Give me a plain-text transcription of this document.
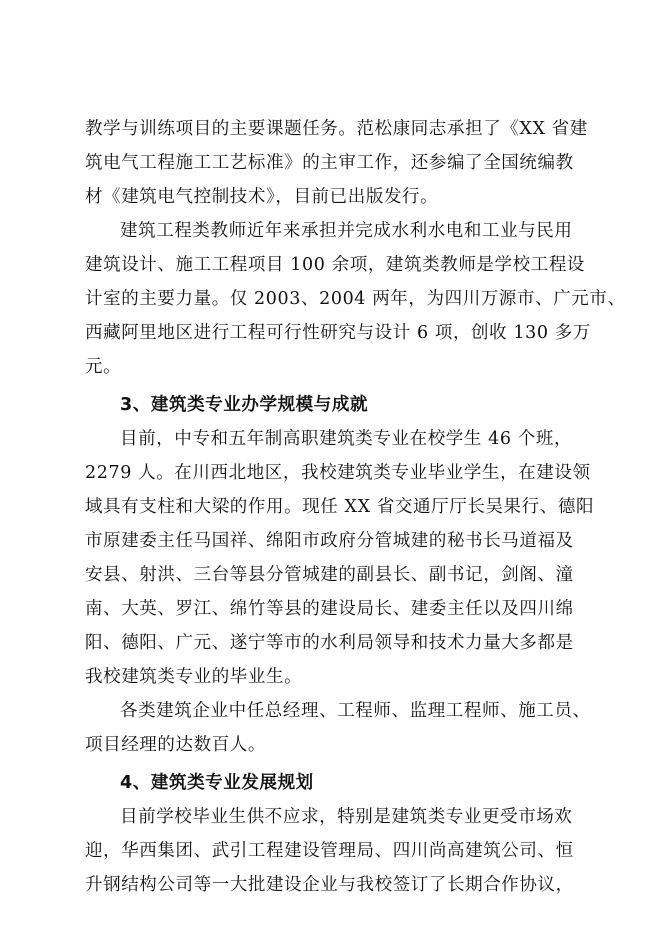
教学与训练项目的主要课题任务。范松康同志承担了《XX 省建
筑电气工程施工工艺标准》的主审工作，还参编了全国统编教
材《建筑电气控制技术》，目前已出版发行。
建筑工程类教师近年来承担并完成水利水电和工业与民用
建筑设计、施工工程项目 100 余项，建筑类教师是学校工程设
计室的主要力量。仅 2003、2004 两年，为四川万源市、广元市、
西藏阿里地区进行工程可行性研究与设计 6 项，创收 130 多万
元。
3、建筑类专业办学规模与成就
目前，中专和五年制高职建筑类专业在校学生 46 个班，
2279 人。在川西北地区，我校建筑类专业毕业学生，在建设领
域具有支柱和大梁的作用。现任 XX 省交通厅厅长吴果行、德阳
市原建委主任马国祥、绵阳市政府分管城建的秘书长马道福及
安县、射洪、三台等县分管城建的副县长、副书记，剑阁、潼
南、大英、罗江、绵竹等县的建设局长、建委主任以及四川绵
阳、德阳、广元、遂宁等市的水利局领导和技术力量大多都是
我校建筑类专业的毕业生。
各类建筑企业中任总经理、工程师、监理工程师、施工员、
项目经理的达数百人。
4、建筑类专业发展规划
目前学校毕业生供不应求，特别是建筑类专业更受市场欢
迎，华西集团、武引工程建设管理局、四川尚高建筑公司、恒
升钢结构公司等一大批建设企业与我校签订了长期合作协议，
